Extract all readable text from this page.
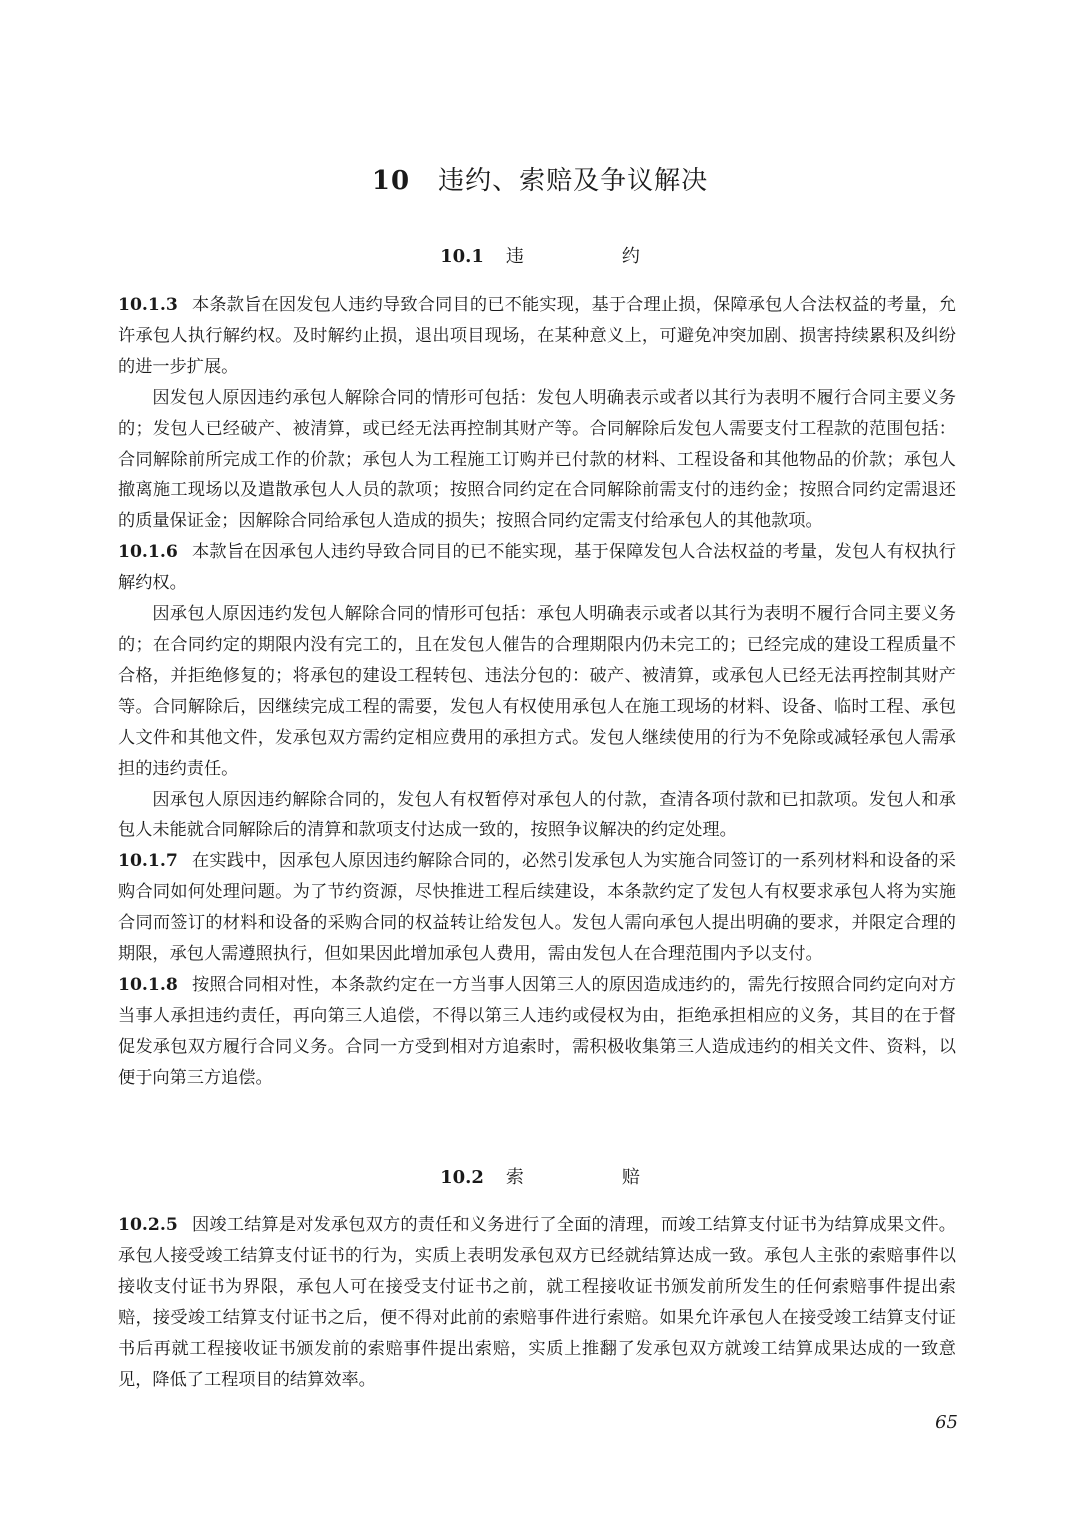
10 违约、索赔及争议解决
10.1 违　约

10.1.3 本条款旨在因发包人违约导致合同目的已不能实现，基于合理止损，保障承包人合法权益的考量，允许承包人执行解约权。及时解约止损，退出项目现场，在某种意义上，可避免冲突加剧、损害持续累积及纠纷的进一步扩展。

因发包人原因违约承包人解除合同的情形可包括：发包人明确表示或者以其行为表明不履行合同主要义务的；发包人已经破产、被清算，或已经无法再控制其财产等。合同解除后发包人需要支付工程款的范围包括：合同解除前所完成工作的价款；承包人为工程施工订购并已付款的材料、工程设备和其他物品的价款；承包人撤离施工现场以及遣散承包人人员的款项；按照合同约定在合同解除前需支付的违约金；按照合同约定需退还的质量保证金；因解除合同给承包人造成的损失；按照合同约定需支付给承包人的其他款项。

10.1.6 本款旨在因承包人违约导致合同目的已不能实现，基于保障发包人合法权益的考量，发包人有权执行解约权。

因承包人原因违约发包人解除合同的情形可包括：承包人明确表示或者以其行为表明不履行合同主要义务的；在合同约定的期限内没有完工的，且在发包人催告的合理期限内仍未完工的；已经完成的建设工程质量不合格，并拒绝修复的；将承包的建设工程转包、违法分包的：破产、被清算，或承包人已经无法再控制其财产等。合同解除后，因继续完成工程的需要，发包人有权使用承包人在施工现场的材料、设备、临时工程、承包人文件和其他文件，发承包双方需约定相应费用的承担方式。发包人继续使用的行为不免除或减轻承包人需承担的违约责任。

因承包人原因违约解除合同的，发包人有权暂停对承包人的付款，查清各项付款和已扣款项。发包人和承包人未能就合同解除后的清算和款项支付达成一致的，按照争议解决的约定处理。

10.1.7 在实践中，因承包人原因违约解除合同的，必然引发承包人为实施合同签订的一系列材料和设备的采购合同如何处理问题。为了节约资源，尽快推进工程后续建设，本条款约定了发包人有权要求承包人将为实施合同而签订的材料和设备的采购合同的权益转让给发包人。发包人需向承包人提出明确的要求，并限定合理的期限，承包人需遵照执行，但如果因此增加承包人费用，需由发包人在合理范围内予以支付。

10.1.8 按照合同相对性，本条款约定在一方当事人因第三人的原因造成违约的，需先行按照合同约定向对方当事人承担违约责任，再向第三人追偿，不得以第三人违约或侵权为由，拒绝承担相应的义务，其目的在于督促发承包双方履行合同义务。合同一方受到相对方追索时，需积极收集第三人造成违约的相关文件、资料，以便于向第三方追偿。

10.2 索　赔

10.2.5 因竣工结算是对发承包双方的责任和义务进行了全面的清理，而竣工结算支付证书为结算成果文件。承包人接受竣工结算支付证书的行为，实质上表明发承包双方已经就结算达成一致。承包人主张的索赔事件以接收支付证书为界限，承包人可在接受支付证书之前，就工程接收证书颁发前所发生的任何索赔事件提出索赔，接受竣工结算支付证书之后，便不得对此前的索赔事件进行索赔。如果允许承包人在接受竣工结算支付证书后再就工程接收证书颁发前的索赔事件提出索赔，实质上推翻了发承包双方就竣工结算成果达成的一致意见，降低了工程项目的结算效率。

65
